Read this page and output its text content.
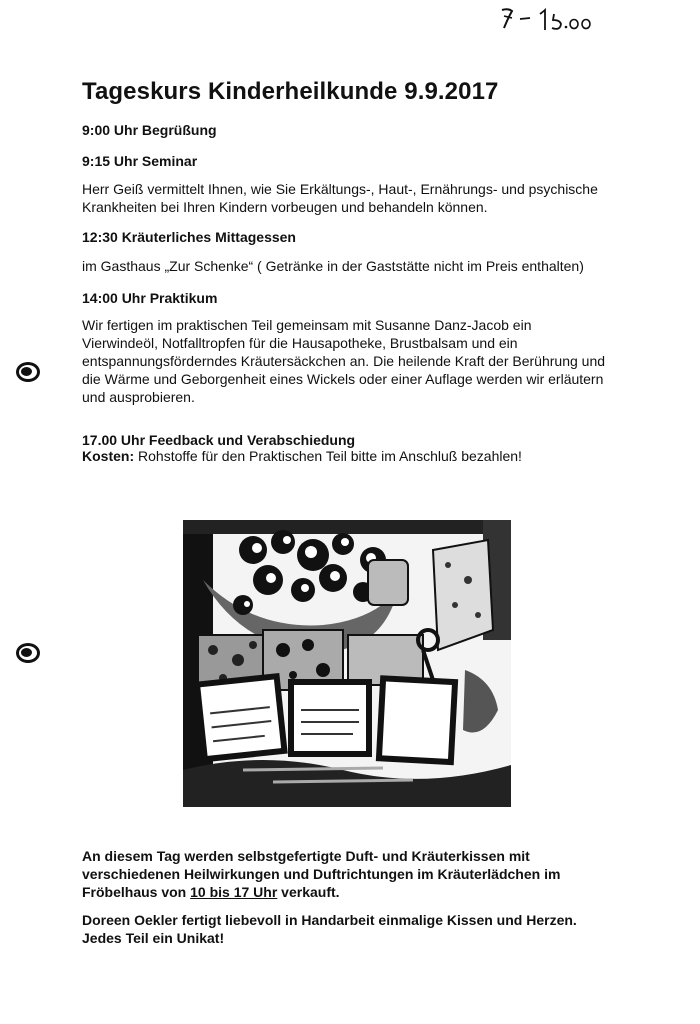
Tageskurs Kinderheilkunde 9.9.2017

9:00 Uhr Begrüßung

9:15 Uhr Seminar

Herr Geiß vermittelt Ihnen, wie Sie Erkältungs-, Haut-, Ernährungs- und psychische
Krankheiten bei Ihren Kindern vorbeugen und behandeln können.

12:30 Kräuterliches Mittagessen

im Gasthaus „Zur Schenke“ ( Getränke in der Gaststätte nicht im Preis enthalten)

14:00 Uhr Praktikum

Wir fertigen im praktischen Teil gemeinsam mit Susanne Danz-Jacob ein
Vierwindeöl, Notfalltropfen für die Hausapotheke, Brustbalsam und ein
entspannungsförderndes Kräutersäckchen an. Die heilende Kraft der Berührung und
die Wärme und Geborgenheit eines Wickels oder einer Auflage werden wir erläutern
und ausprobieren.

17.00 Uhr Feedback und Verabschiedung

Kosten: Rohstoffe für den Praktischen Teil bitte im Anschluß bezahlen!

An diesem Tag werden selbstgefertigte Duft- und Kräuterkissen mit
verschiedenen Heilwirkungen und Duftrichtungen im Kräuterlädchen im
Fröbelhaus von 10 bis 17 Uhr verkauft.
Doreen Oekler fertigt liebevoll in Handarbeit einmalige Kissen und Herzen.
Jedes Teil ein Unikat!
